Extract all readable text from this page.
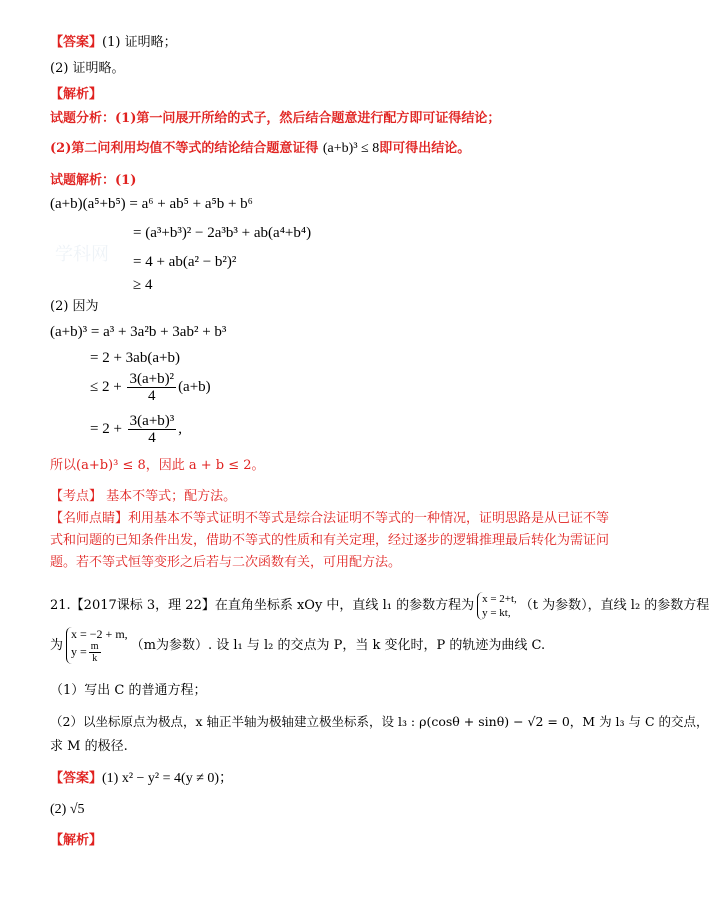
学科网
【答案】(1) 证明略；
(2) 证明略。
【解析】
试题分析：(1)第一问展开所给的式子，然后结合题意进行配方即可证得结论；
(2)第二问利用均值不等式的结论结合题意证得 (a+b)³ ≤ 8即可得出结论。
试题解析：(1)
(a+b)(a⁵+b⁵) = a⁶ + ab⁵ + a⁵b + b⁶
= (a³+b³)² − 2a³b³ + ab(a⁴+b⁴)
= 4 + ab(a² − b²)²
≥ 4
(2) 因为
(a+b)³ = a³ + 3a²b + 3ab² + b³
= 2 + 3ab(a+b)
≤ $2 + \frac{\text{3(a+b)²}}{4} (a+b)$
= $2 + \frac{\text{3(a+b)³}}{4}$ ,
所以(a+b)³ ≤ 8，因此 a + b ≤ 2。
【考点】 基本不等式；配方法。
【名师点睛】利用基本不等式证明不等式是综合法证明不等式的一种情况，证明思路是从已证不等式和问题的已知条件出发，借助不等式的性质和有关定理，经过逐步的逻辑推理最后转化为需证问题。若不等式恒等变形之后若与二次函数有关，可用配方法。
21.【2017课标 3，理 22】在直角坐标系 xOy 中，直线 l₁ 的参数方程为 x = 2+t,
y = kt, （t 为参数），直线 l₂ 的参数方程
为
x = −2 + m,
$y = \frac{m}{k} (m$为参数）. 设 l₁ 与 l₂ 的交点为 P，当 k 变化时，P 的轨迹为曲线 C.
（1）写出 C 的普通方程；
（2）以坐标原点为极点，x 轴正半轴为极轴建立极坐标系，设 l₃ : ρ(cosθ + sinθ) − √2 = 0，M 为 l₃ 与 C 的交点，
求 M 的极径.
【答案】(1) x² − y² = 4(y ≠ 0)；
(2) √5
【解析】
